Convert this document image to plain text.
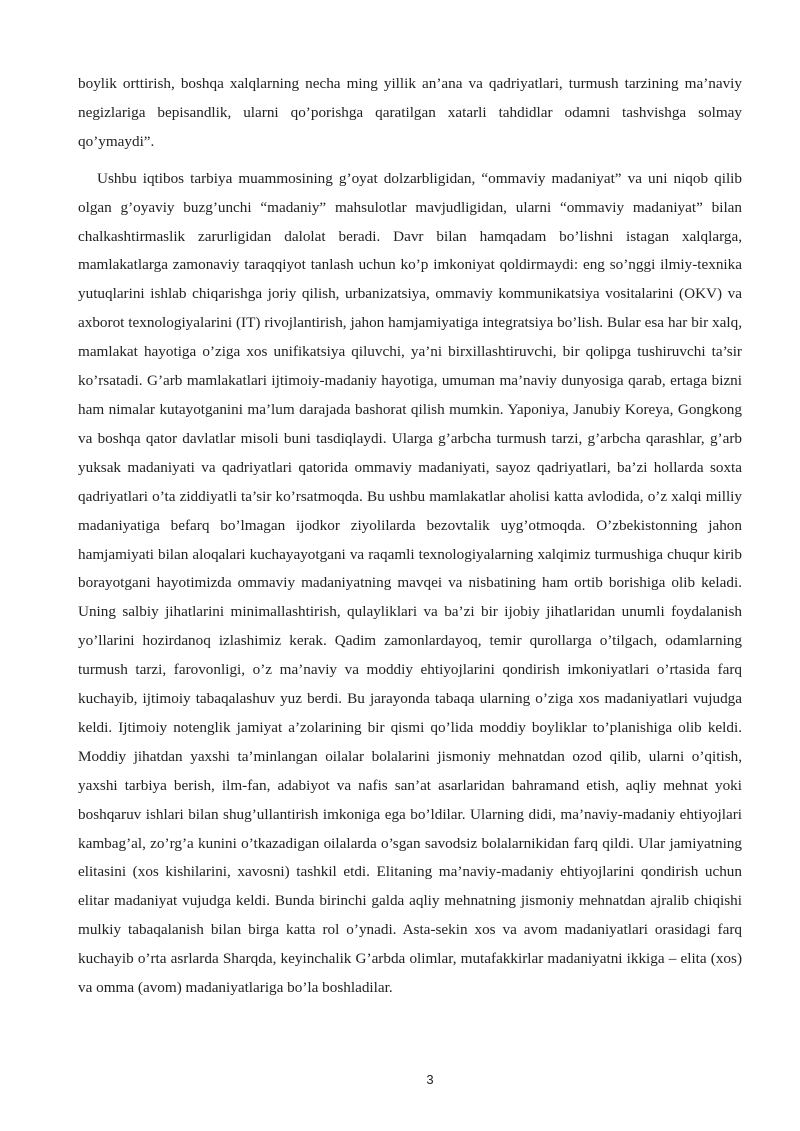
boylik orttirish, boshqa xalqlarning necha ming yillik an’ana va qadriyatlari, turmush tarzining ma’naviy negizlariga bepisandlik, ularni qo’porishga qaratilgan xatarli tahdidlar odamni tashvishga solmay qo’ymaydi”.

Ushbu iqtibos tarbiya muammosining g’oyat dolzarbligidan, “ommaviy madaniyat” va uni niqob qilib olgan g’oyaviy buzg’unchi “madaniy” mahsulotlar mavjudligidan, ularni “ommaviy madaniyat” bilan chalkashtirmaslik zarurligidan dalolat beradi. Davr bilan hamqadam bo’lishni istagan xalqlarga, mamlakatlarga zamonaviy taraqqiyot tanlash uchun ko’p imkoniyat qoldirmaydi: eng so’nggi ilmiy-texnika yutuqlarini ishlab chiqarishga joriy qilish, urbanizatsiya, ommaviy kommunikatsiya vositalarini (OKV) va axborot texnologiyalarini (IT) rivojlantirish, jahon hamjamiyatiga integratsiya bo’lish. Bular esa har bir xalq, mamlakat hayotiga o’ziga xos unifikatsiya qiluvchi, ya’ni birxillashtiruvchi, bir qolipga tushiruvchi ta’sir ko’rsatadi. G’arb mamlakatlari ijtimoiy-madaniy hayotiga, umuman ma’naviy dunyosiga qarab, ertaga bizni ham nimalar kutayotganini ma’lum darajada bashorat qilish mumkin. Yaponiya, Janubiy Koreya, Gongkong va boshqa qator davlatlar misoli buni tasdiqlaydi. Ularga g’arbcha turmush tarzi, g’arbcha qarashlar, g’arb yuksak madaniyati va qadriyatlari qatorida ommaviy madaniyati, sayoz qadriyatlari, ba’zi hollarda soxta qadriyatlari o’ta ziddiyatli ta’sir ko’rsatmoqda. Bu ushbu mamlakatlar aholisi katta avlodida, o’z xalqi milliy madaniyatiga befarq bo’lmagan ijodkor ziyolilarda bezovtalik uyg’otmoqda. O’zbekistonning jahon hamjamiyati bilan aloqalari kuchayayotgani va raqamli texnologiyalarning xalqimiz turmushiga chuqur kirib borayotgani hayotimizda ommaviy madaniyatning mavqei va nisbatining ham ortib borishiga olib keladi. Uning salbiy jihatlarini minimallashtirish, qulayliklari va ba’zi bir ijobiy jihatlaridan unumli foydalanish yo’llarini hozirdanoq izlashimiz kerak. Qadim zamonlardayoq, temir qurollarga o’tilgach, odamlarning turmush tarzi, farovonligi, o’z ma’naviy va moddiy ehtiyojlarini qondirish imkoniyatlari o’rtasida farq kuchayib, ijtimoiy tabaqalashuv yuz berdi. Bu jarayonda tabaqa ularning o’ziga xos madaniyatlari vujudga keldi. Ijtimoiy notenglik jamiyat a’zolarining bir qismi qo’lida moddiy boyliklar to’planishiga olib keldi. Moddiy jihatdan yaxshi ta’minlangan oilalar bolalarini jismoniy mehnatdan ozod qilib, ularni o’qitish, yaxshi tarbiya berish, ilm-fan, adabiyot va nafis san’at asarlaridan bahramand etish, aqliy mehnat yoki boshqaruv ishlari bilan shug’ullantirish imkoniga ega bo’ldilar. Ularning didi, ma’naviy-madaniy ehtiyojlari kambag’al, zo’rg’a kunini o’tkazadigan oilalarda o’sgan savodsiz bolalarnikidan farq qildi. Ular jamiyatning elitasini (xos kishilarini, xavosni) tashkil etdi. Elitaning ma’naviy-madaniy ehtiyojlarini qondirish uchun elitar madaniyat vujudga keldi. Bunda birinchi galda aqliy mehnatning jismoniy mehnatdan ajralib chiqishi mulkiy tabaqalanish bilan birga katta rol o’ynadi. Asta-sekin xos va avom madaniyatlari orasidagi farq kuchayib o’rta asrlarda Sharqda, keyinchalik G’arbda olimlar, mutafakkirlar madaniyatni ikkiga – elita (xos) va omma (avom) madaniyatlariga bo’la boshladilar.

3
